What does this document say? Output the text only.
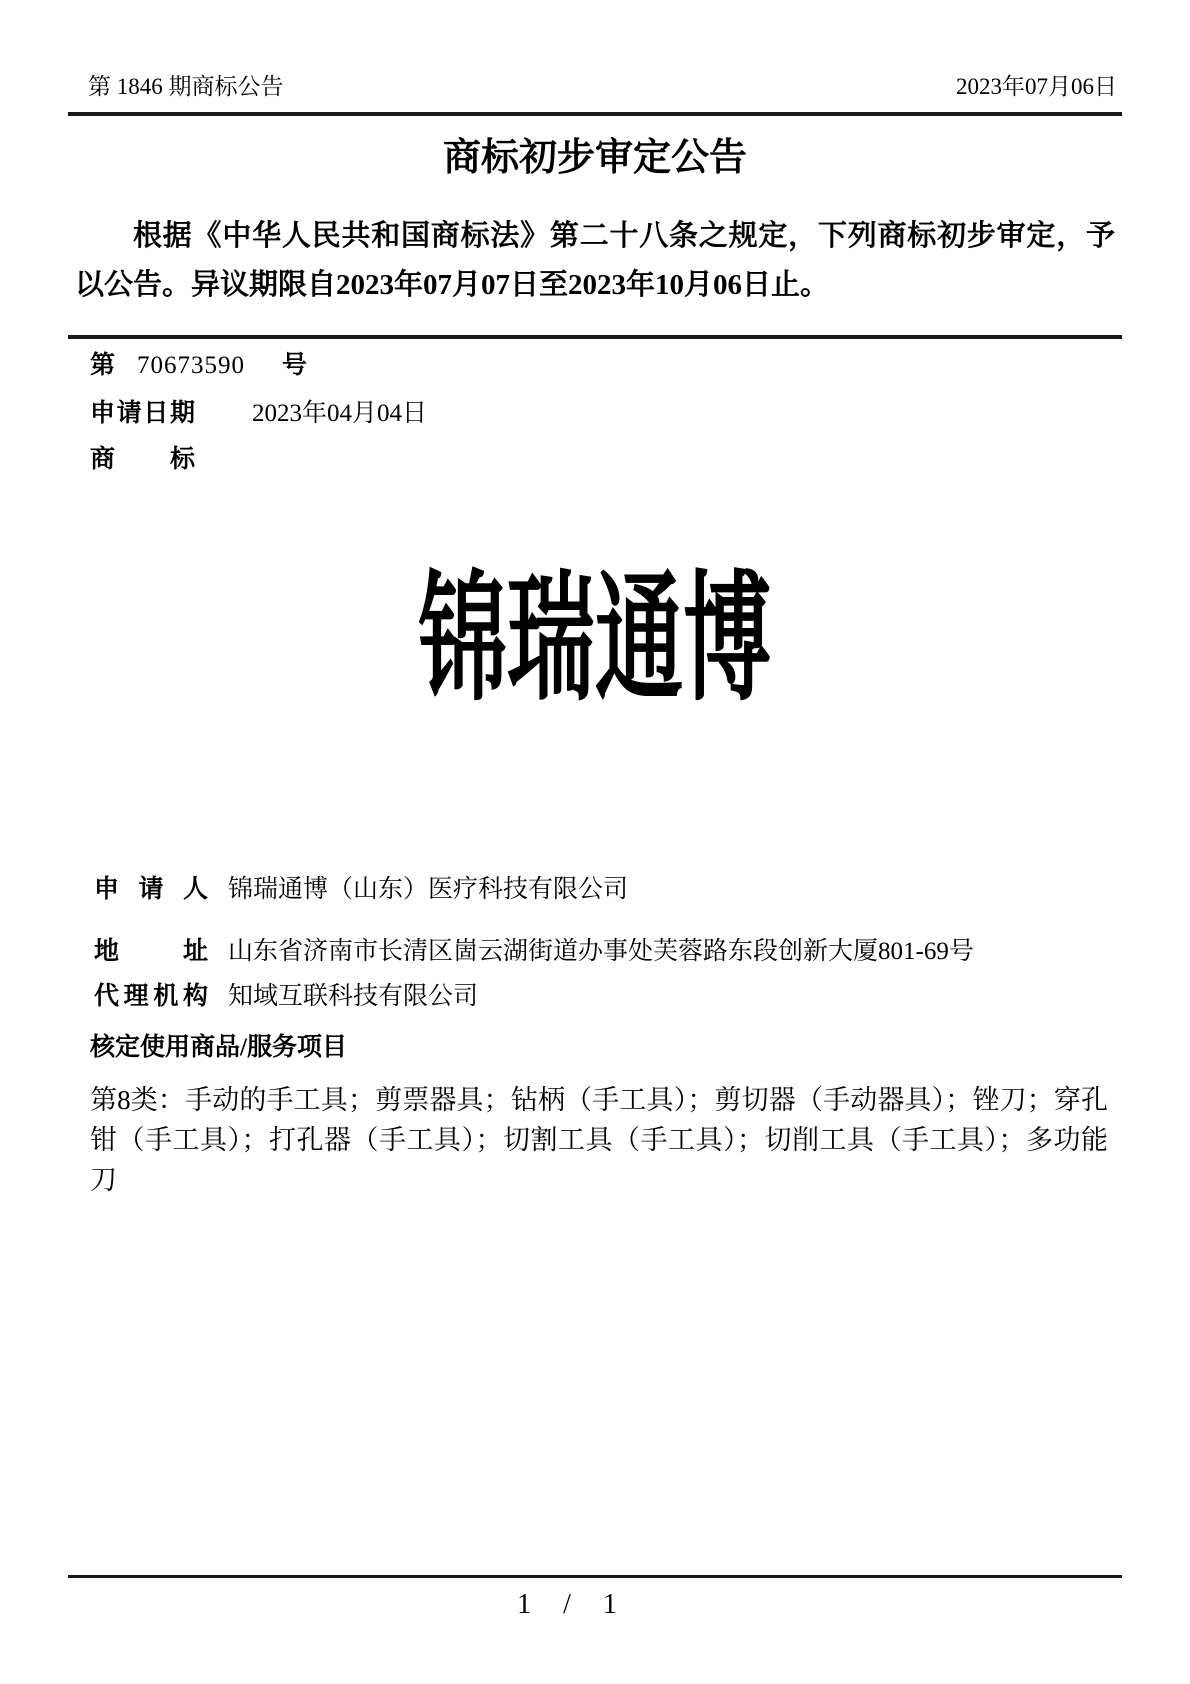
第 1846 期商标公告	2023年07月06日
商标初步审定公告
根据《中华人民共和国商标法》第二十八条之规定，下列商标初步审定，予以公告。异议期限自2023年07月07日至2023年10月06日止。
第 70673590 号
申请日期 2023年04月04日
商 标
锦瑞通博
申 请 人 锦瑞通博（山东）医疗科技有限公司
地 址 山东省济南市长清区崮云湖街道办事处芙蓉路东段创新大厦801-69号
代理机构 知域互联科技有限公司
核定使用商品/服务项目
第8类：手动的手工具；剪票器具；钻柄（手工具）；剪切器（手动器具）；锉刀；穿孔钳（手工具）；打孔器（手工具）；切割工具（手工具）；切削工具（手工具）；多功能刀
1 / 1
